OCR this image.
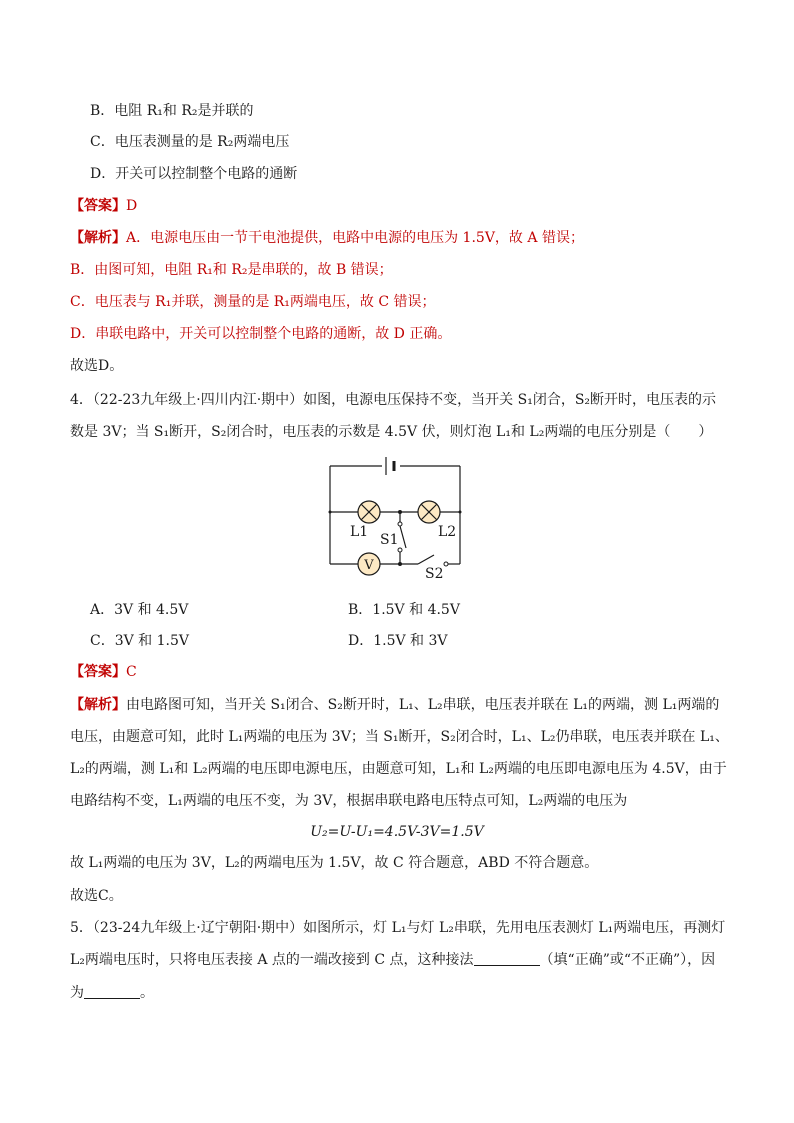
B．电阻 R₁和 R₂是并联的
C．电压表测量的是 R₂两端电压
D．开关可以控制整个电路的通断
【答案】D
【解析】A．电源电压由一节干电池提供，电路中电源的电压为 1.5V，故 A 错误；
B．由图可知，电阻 R₁和 R₂是串联的，故 B 错误；
C．电压表与 R₁并联，测量的是 R₁两端电压，故 C 错误；
D．串联电路中，开关可以控制整个电路的通断，故 D 正确。
故选D。
4．（22-23九年级上·四川内江·期中）如图，电源电压保持不变，当开关 S₁闭合，S₂断开时，电压表的示
数是 3V；当 S₁断开，S₂闭合时，电压表的示数是 4.5V 伏，则灯泡 L₁和 L₂两端的电压分别是（　　）
V
L1	L2
S1
S2
A．3V 和 4.5V	B．1.5V 和 4.5V
C．3V 和 1.5V	D．1.5V 和 3V
【答案】C
【解析】由电路图可知，当开关 S₁闭合、S₂断开时，L₁、L₂串联，电压表并联在 L₁的两端，测 L₁两端的
电压，由题意可知，此时 L₁两端的电压为 3V；当 S₁断开，S₂闭合时，L₁、L₂仍串联，电压表并联在 L₁、
L₂的两端，测 L₁和 L₂两端的电压即电源电压，由题意可知，L₁和 L₂两端的电压即电源电压为 4.5V，由于
电路结构不变，L₁两端的电压不变，为 3V，根据串联电路电压特点可知，L₂两端的电压为
U₂=U-U₁=4.5V-3V=1.5V
故 L₁两端的电压为 3V，L₂的两端电压为 1.5V，故 C 符合题意，ABD 不符合题意。
故选C。
5．（23-24九年级上·辽宁朝阳·期中）如图所示，灯 L₁与灯 L₂串联，先用电压表测灯 L₁两端电压，再测灯
L₂两端电压时，只将电压表接 A 点的一端改接到 C 点，这种接法	（填“正确”或“不正确”），因
为	。
